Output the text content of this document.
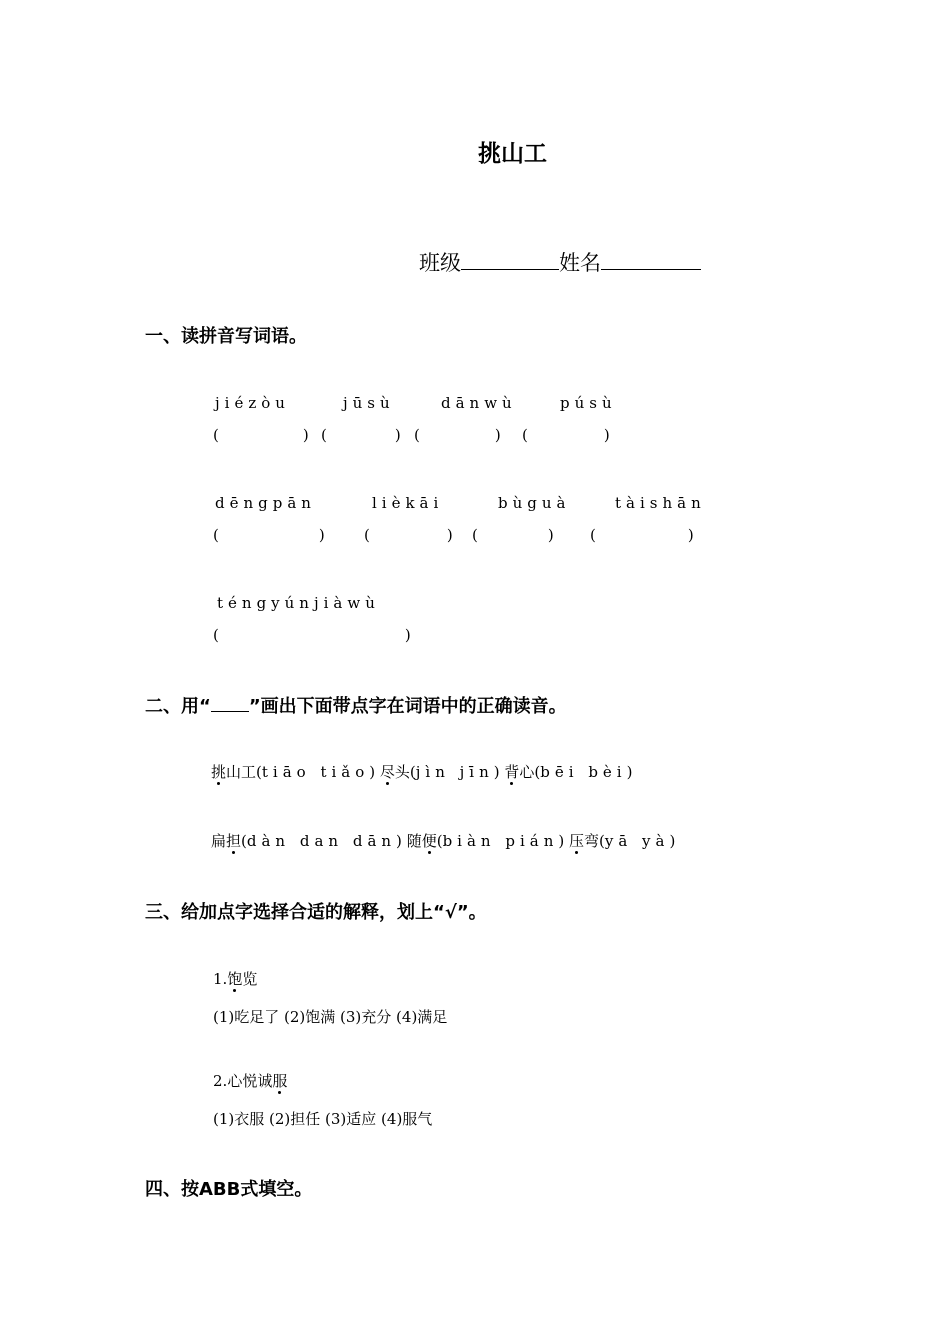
挑山工
班级	姓名
一、读拼音写词语。
jiézòu	jūsù	dānwù	púsù
(	) (	) (	) (	)
dēngpān	lièkāi	bùguà	tàishān
(	)	(	) (	) (	)
téngyúnjiàwù
(	)
二、用“ ”画出下面带点字在词语中的正确读音。
挑山工(tiāo tiǎo) 尽头(jìn jīn) 背心(bēi bèi)
扁担(dàn dan dān) 随便(biàn pián) 压弯(yā yà)
三、给加点字选择合适的解释，划上“√”。
1.饱览
(1)吃足了 (2)饱满 (3)充分 (4)满足
2.心悦诚服
(1)衣服 (2)担任 (3)适应 (4)服气
四、按ABB式填空。
